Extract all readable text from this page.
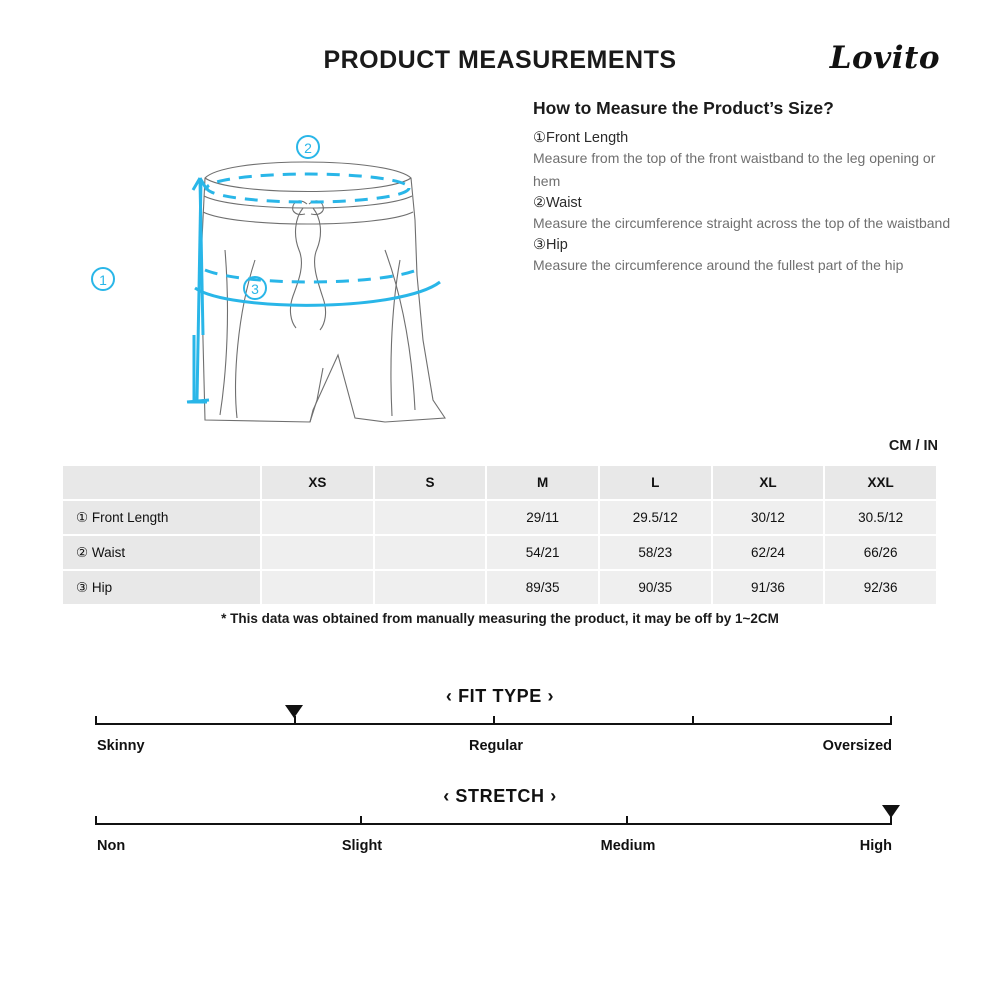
PRODUCT MEASUREMENTS	Lovito
2
1
3
How to Measure the Product’s Size?
①Front Length
Measure from the top of the front waistband to the leg opening or hem
②Waist
Measure the circumference straight across the top of the waistband
③Hip
Measure the circumference around the fullest part of the hip
CM / IN
	XS	S	M	L	XL	XXL
① Front Length			29/11	29.5/12	30/12	30.5/12
② Waist			54/21	58/23	62/24	66/26
③ Hip			89/35	90/35	91/36	92/36
* This data was obtained from manually measuring the product, it may be off by 1~2CM
‹ FIT TYPE ›
Skinny	Regular	Oversized
‹ STRETCH ›
Non	Slight	Medium	High
